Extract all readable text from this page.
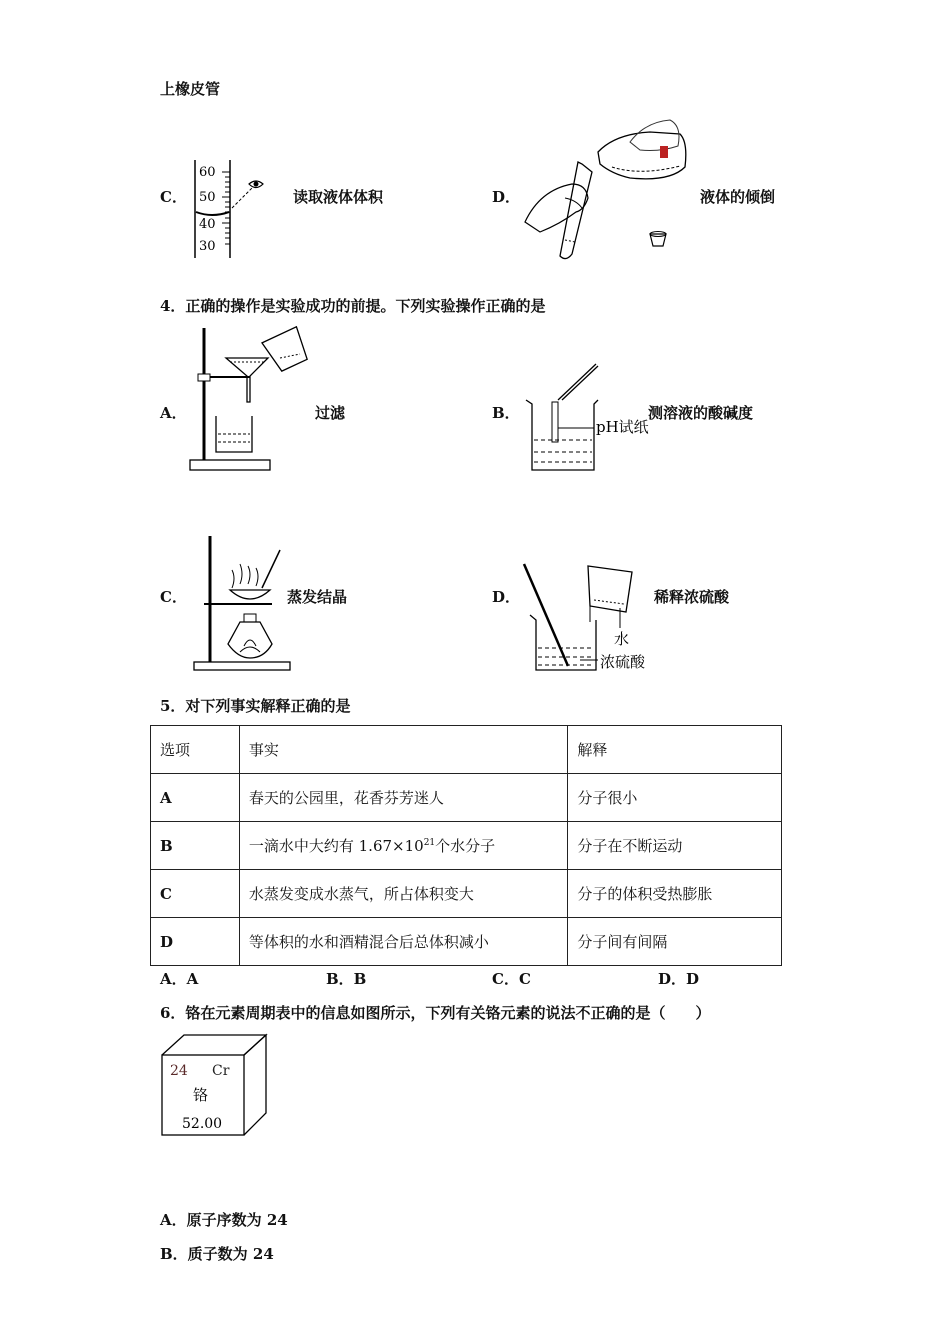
上橡皮管
C．
60
50
40
30
读取液体体积	D．	液体的倾倒
4．正确的操作是实验成功的前提。下列实验操作正确的是
A．	过滤	B．
pH试纸
测溶液的酸碱度
C．	蒸发结晶	D．
水
浓硫酸
稀释浓硫酸
5．对下列事实解释正确的是
选项	事实	解释
A	春天的公园里，花香芬芳迷人	分子很小
B	一滴水中大约有 $1.67\times 10^{21}$个水分子	分子在不断运动
C	水蒸发变成水蒸气，所占体积变大	分子的体积受热膨胀
D	等体积的水和酒精混合后总体积减小	分子间有间隔
A．A	B．B	C．C	D．D
6．铬在元素周期表中的信息如图所示，下列有关铬元素的说法不正确的是（　　）
24 Cr
铬
52.00
A．原子序数为 24
B．质子数为 24
